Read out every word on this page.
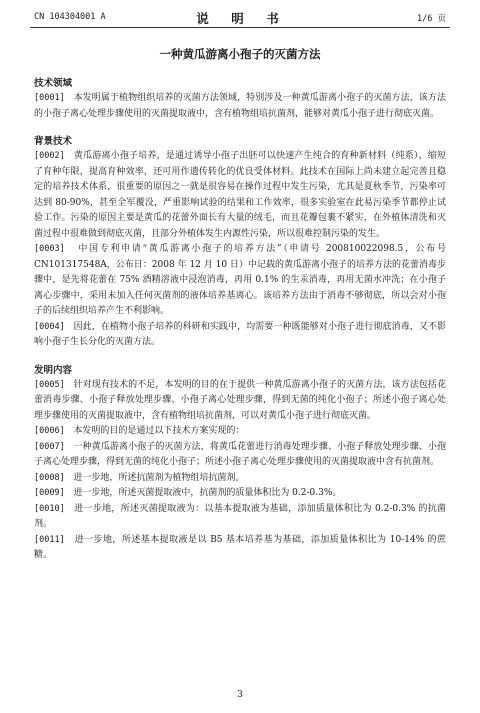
CN 104304001 A	说　明　书	1/6 页

一种黄瓜游离小孢子的灭菌方法

技术领域

[0001] 本发明属于植物组织培养的灭菌方法领域，特别涉及一种黄瓜游离小孢子的灭菌方法，该方法的小孢子离心处理步骤使用的灭菌提取液中，含有植物组培抗菌剂，能够对黄瓜小孢子进行彻底灭菌。

背景技术

[0002] 黄瓜游离小孢子培养，是通过诱导小孢子出胚可以快速产生纯合的育种新材料（纯系），缩短了育种年限，提高育种效率，还可用作遗传转化的优良受体材料。此技术在国际上尚未建立起完善且稳定的培养技术体系，很重要的原因之一就是很容易在操作过程中发生污染，尤其是夏秋季节，污染率可达到 80-90%，甚至全军覆没，严重影响试验的结果和工作效率，很多实验室在此易污染季节都停止试验工作。污染的原因主要是黄瓜的花蕾外面长有大量的绒毛，而且花瓣包裹不紧实，在外植体清洗和灭菌过程中很难做到彻底灭菌，且部分外植体发生内源性污染，所以很难控制污染的发生。

[0003] 中国专利申请“黄瓜游离小孢子的培养方法”（申请号 200810022098.5，公布号CN101317548A，公布日：2008 年 12 月 10 日）中记载的黄瓜游离小孢子的培养方法的花蕾消毒步骤中，是先将花蕾在 75% 酒精溶液中浸泡消毒，再用 0.1% 的生汞消毒，再用无菌水冲洗；在小孢子离心步骤中，采用未加入任何灭菌剂的液体培养基离心。该培养方法由于消毒不够彻底，所以会对小孢子的后续组织培养产生不利影响。

[0004] 因此，在植物小孢子培养的科研和实践中，均需要一种既能够对小孢子进行彻底消毒，又不影响小孢子生长分化的灭菌方法。

发明内容

[0005] 针对现有技术的不足，本发明的目的在于提供一种黄瓜游离小孢子的灭菌方法，该方法包括花蕾消毒步骤、小孢子释放处理步骤、小孢子离心处理步骤，得到无菌的纯化小孢子；所述小孢子离心处理步骤使用的灭菌提取液中，含有植物组培抗菌剂，可以对黄瓜小孢子进行彻底灭菌。

[0006] 本发明的目的是通过以下技术方案实现的：

[0007] 一种黄瓜游离小孢子的灭菌方法，将黄瓜花蕾进行消毒处理步骤、小孢子释放处理步骤、小孢子离心处理步骤，得到无菌的纯化小孢子；所述小孢子离心处理步骤使用的灭菌提取液中含有抗菌剂。

[0008] 进一步地，所述抗菌剂为植物组培抗菌剂。

[0009] 进一步地，所述灭菌提取液中，抗菌剂的质量体积比为 0.2-0.3%。

[0010] 进一步地，所述灭菌提取液为：以基本提取液为基础，添加质量体积比为 0.2-0.3% 的抗菌剂。

[0011] 进一步地，所述基本提取液是以 B5 基本培养基为基础，添加质量体积比为 10-14% 的蔗糖。

3
